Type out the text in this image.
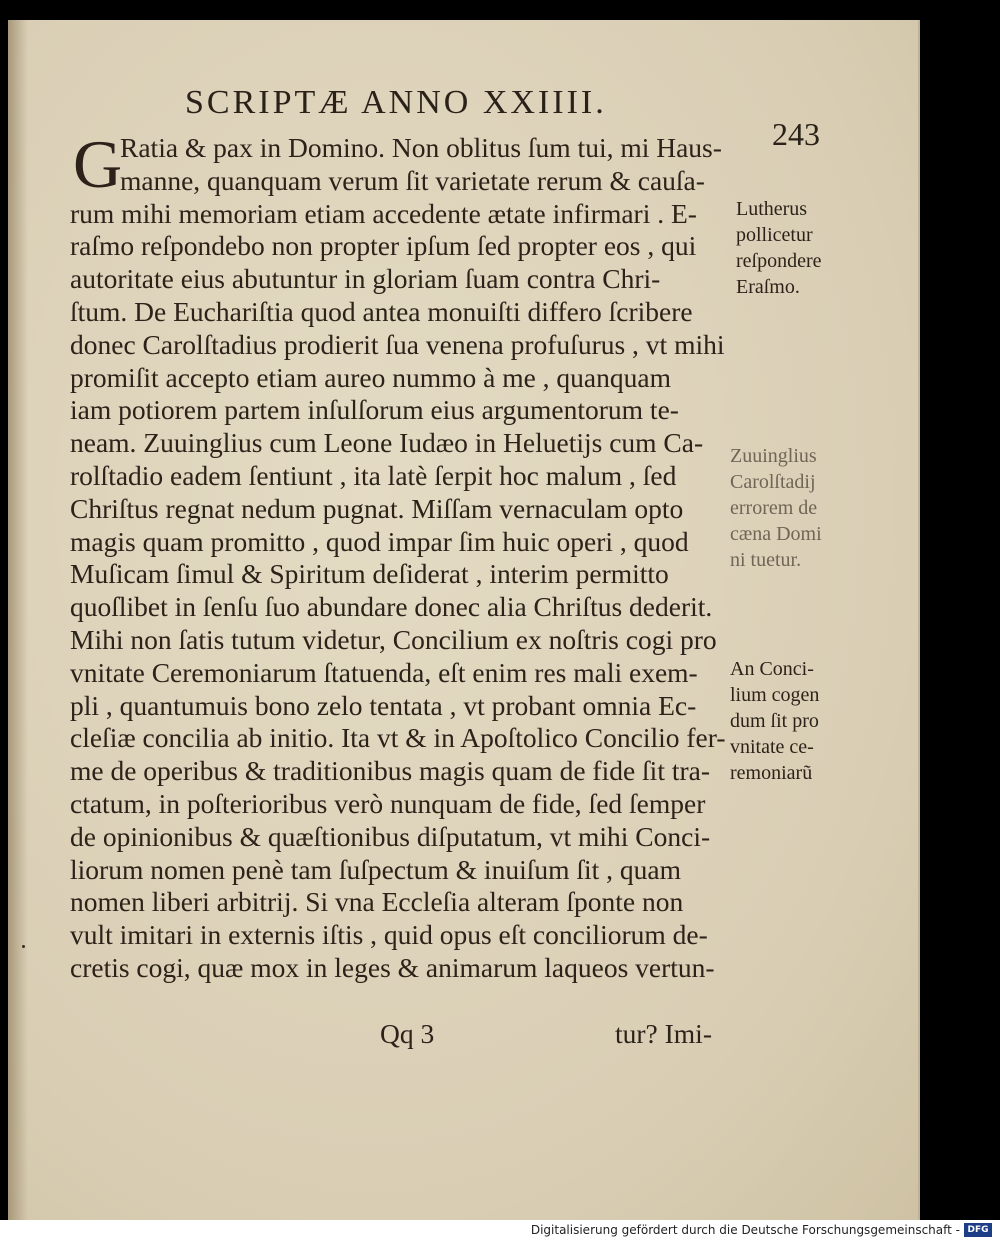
SCRIPTÆ ANNO XXIIII.
243
G
Ratia & pax in Domino. Non oblitus ſum tui, mi Haus-
manne, quanquam verum ſit varietate rerum & cauſa-
rum mihi memoriam etiam accedente ætate infirmari . E-
raſmo reſpondebo non propter ipſum ſed propter eos , qui
autoritate eius abutuntur in gloriam ſuam contra Chri-
ſtum. De Euchariſtia quod antea monuiſti differo ſcribere
donec Carolſtadius prodierit ſua venena profuſurus , vt mihi
promiſit accepto etiam aureo nummo à me , quanquam
iam potiorem partem inſulſorum eius argumentorum te-
neam. Zuuinglius cum Leone Iudæo in Heluetijs cum Ca-
rolſtadio eadem ſentiunt , ita latè ſerpit hoc malum , ſed
Chriſtus regnat nedum pugnat. Miſſam vernaculam opto
magis quam promitto , quod impar ſim huic operi , quod
Muſicam ſimul & Spiritum deſiderat , interim permitto
quoſlibet in ſenſu ſuo abundare donec alia Chriſtus dederit.
Mihi non ſatis tutum videtur, Concilium ex noſtris cogi pro
vnitate Ceremoniarum ſtatuenda, eſt enim res mali exem-
pli , quantumuis bono zelo tentata , vt probant omnia Ec-
cleſiæ concilia ab initio. Ita vt & in Apoſtolico Concilio fer-
me de operibus & traditionibus magis quam de fide ſit tra-
ctatum, in poſterioribus verò nunquam de fide, ſed ſemper
de opinionibus & quæſtionibus diſputatum, vt mihi Conci-
liorum nomen penè tam ſuſpectum & inuiſum ſit , quam
nomen liberi arbitrij. Si vna Eccleſia alteram ſponte non
vult imitari in externis iſtis , quid opus eſt conciliorum de-
cretis cogi, quæ mox in leges & animarum laqueos vertun-
Qq 3	tur? Imi-
Lutherus
pollicetur
reſpondere
Eraſmo.
Zuuinglius
Carolſtadij
errorem de
cæna Domi
ni tuetur.
An Conci-
lium cogen
dum ſit pro
vnitate ce-
remoniarũ
Digitalisierung gefördert durch die Deutsche Forschungsgemeinschaft - DFG
